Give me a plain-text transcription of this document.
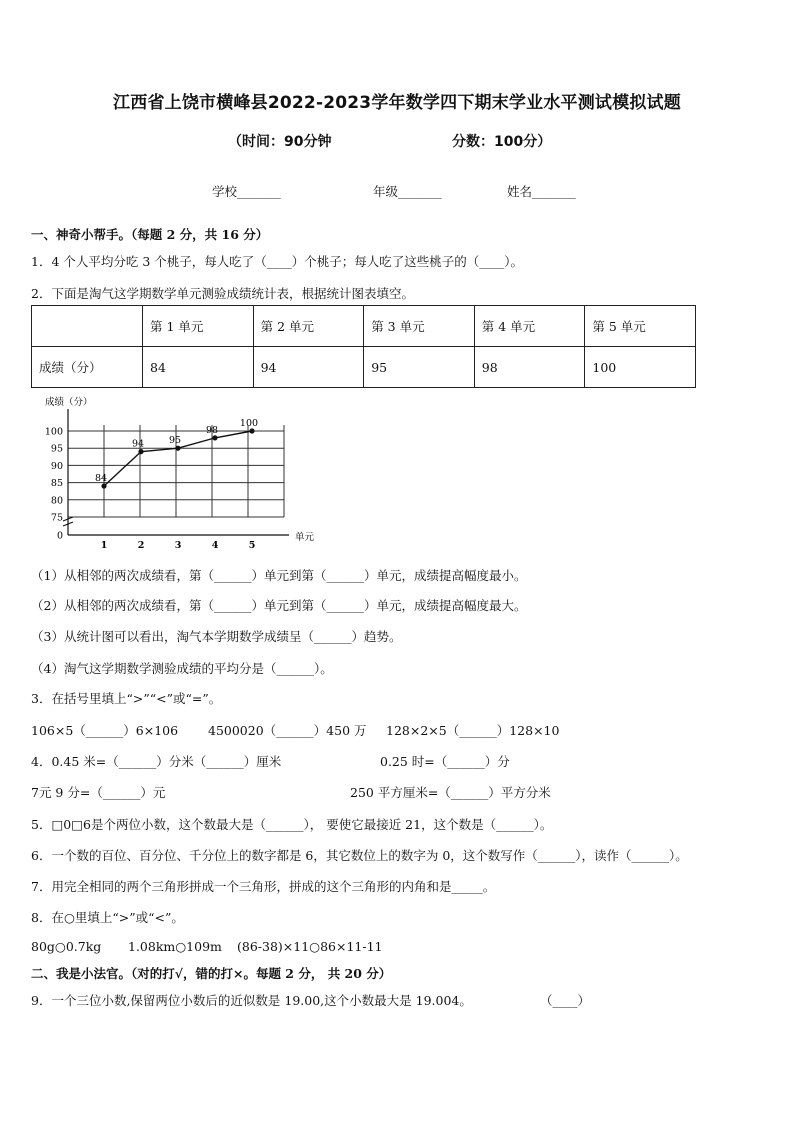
江西省上饶市横峰县2022-2023学年数学四下期末学业水平测试模拟试题
（时间：90分钟	分数：100分）
学校_______	年级_______	姓名_______
一、神奇小帮手。（每题 2 分，共 16 分）
1．4 个人平均分吃 3 个桃子，每人吃了（____）个桃子；每人吃了这些桃子的（____）。
2．下面是淘气这学期数学单元测验成绩统计表，根据统计图表填空。
	第 1 单元	第 2 单元	第 3 单元	第 4 单元	第 5 单元
成绩（分）	84	94	95	98	100
0
75
80
85
90
95
100
1	2	3	4	5
成绩（分）
单元
84
94	95
98
100
（1）从相邻的两次成绩看，第（______）单元到第（______）单元，成绩提高幅度最小。
（2）从相邻的两次成绩看，第（______）单元到第（______）单元，成绩提高幅度最大。
（3）从统计图可以看出，淘气本学期数学成绩呈（______）趋势。
（4）淘气这学期数学测验成绩的平均分是（______）。
3．在括号里填上“>”“<”或“=”。
106×5（______）6×106 4500020（______）450 万 128×2×5（______）128×10
4．0.45 米=（______）分米（______）厘米	0.25 时=（______）分
7元 9 分=（______）元	250 平方厘米=（______）平方分米
5．□0□6是个两位小数，这个数最大是（______）， 要使它最接近 21，这个数是（______）。
6．一个数的百位、百分位、千分位上的数字都是 6，其它数位上的数字为 0，这个数写作（______），读作（______）。
7．用完全相同的两个三角形拼成一个三角形，拼成的这个三角形的内角和是_____。
8．在○里填上“>”或“<”。
80g○0.7kg 1.08km○109m (86-38)×11○86×11-11
二、我是小法官。（对的打√，错的打×。每题 2 分， 共 20 分）
9．一个三位小数,保留两位小数后的近似数是 19.00,这个小数最大是 19.004。	（____）
